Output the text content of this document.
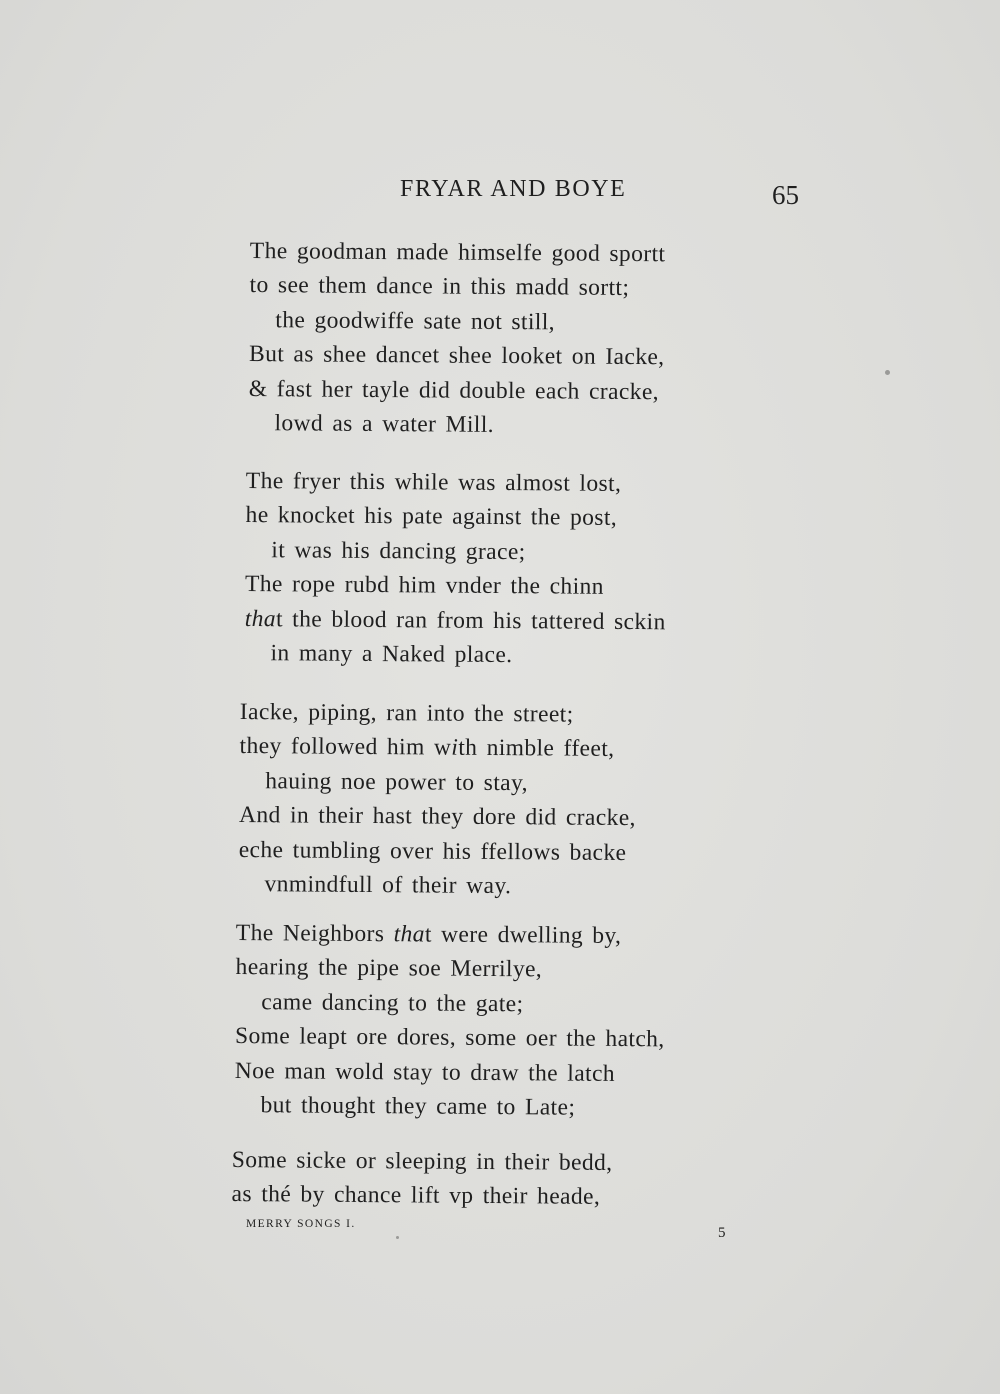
FRYAR AND BOYE	65
The goodman made himselfe good sportt
to see them dance in this madd sortt;
the goodwiffe sate not still,
But as shee dancet shee looket on Iacke,
& fast her tayle did double each cracke,
lowd as a water Mill.
The fryer this while was almost lost,
he knocket his pate against the post,
it was his dancing grace;
The rope rubd him vnder the chinn
that the blood ran from his tattered sckin
in many a Naked place.
Iacke, piping, ran into the street;
they followed him with nimble ffeet,
hauing noe power to stay,
And in their hast they dore did cracke,
eche tumbling over his ffellows backe
vnmindfull of their way.
The Neighbors that were dwelling by,
hearing the pipe soe Merrilye,
came dancing to the gate;
Some leapt ore dores, some oer the hatch,
Noe man wold stay to draw the latch
but thought they came to Late;
Some sicke or sleeping in their bedd,
as thé by chance lift vp their heade,
MERRY SONGS I.
5
